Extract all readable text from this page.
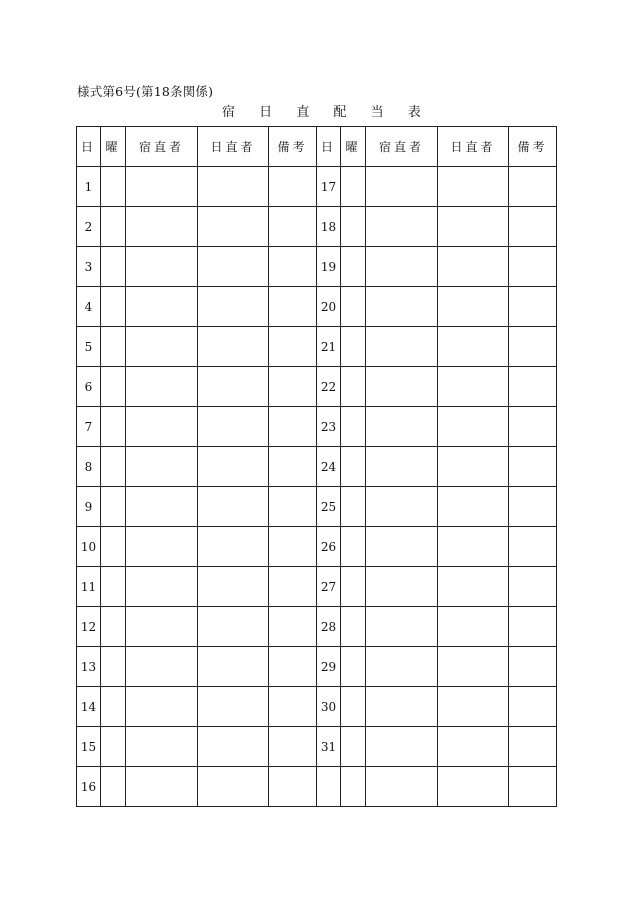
様式第6号(第18条関係)
宿 日 直 配 当 表
日	曜	宿直者	日直者	備考	日	曜	宿直者	日直者	備考
1					17				
2					18				
3					19				
4					20				
5					21				
6					22				
7					23				
8					24				
9					25				
10					26				
11					27				
12					28				
13					29				
14					30				
15					31				
16									
